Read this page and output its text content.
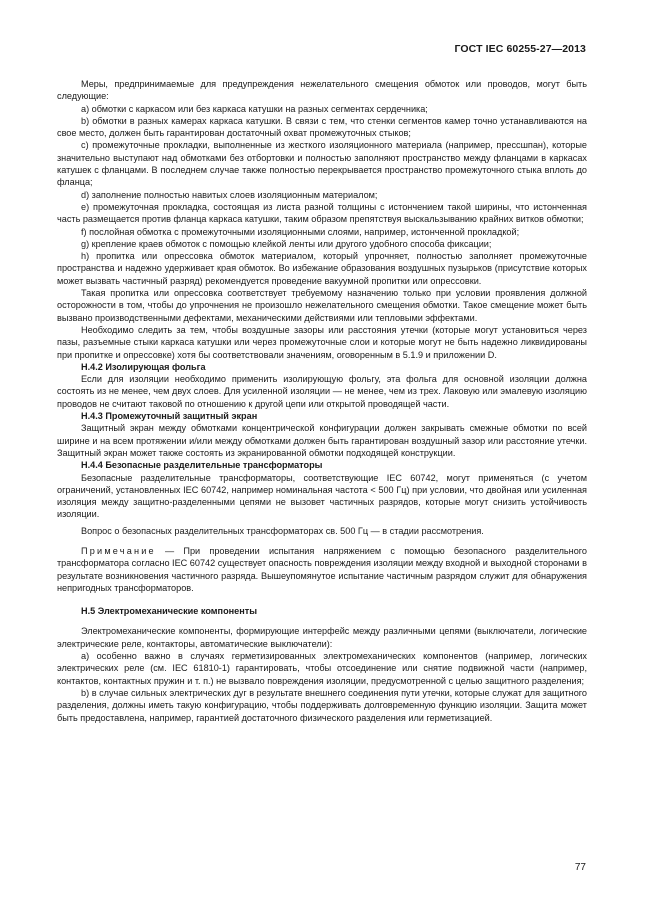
ГОСТ IEC 60255-27—2013

Меры, предпринимаемые для предупреждения нежелательного смещения обмоток или проводов, могут быть следующие:

а) обмотки с каркасом или без каркаса катушки на разных сегментах сердечника;

b) обмотки в разных камерах каркаса катушки. В связи с тем, что стенки сегментов камер точно устанавливаются на свое место, должен быть гарантирован достаточный охват промежуточных стыков;

с) промежуточные прокладки, выполненные из жесткого изоляционного материала (например, прессшпан), которые значительно выступают над обмотками без отбортовки и полностью заполняют пространство между фланцами в каркасах катушек с фланцами. В последнем случае также полностью перекрывается пространство промежуточного стыка вплоть до фланца;

d) заполнение полностью навитых слоев изоляционным материалом;

е) промежуточная прокладка, состоящая из листа разной толщины с истончением такой ширины, что истонченная часть размещается против фланца каркаса катушки, таким образом препятствуя выскальзыванию крайних витков обмотки;

f) послойная обмотка с промежуточными изоляционными слоями, например, истонченной прокладкой;

g) крепление краев обмоток с помощью клейкой ленты или другого удобного способа фиксации;

h) пропитка или опрессовка обмоток материалом, который упрочняет, полностью заполняет промежуточные пространства и надежно удерживает края обмоток. Во избежание образования воздушных пузырьков (присутствие которых может вызвать частичный разряд) рекомендуется проведение вакуумной пропитки или опрессовки.

Такая пропитка или опрессовка соответствует требуемому назначению только при условии проявления должной осторожности в том, чтобы до упрочнения не произошло нежелательного смещения обмотки. Такое смещение может быть вызвано производственными дефектами, механическими действиями или тепловыми эффектами.

Необходимо следить за тем, чтобы воздушные зазоры или расстояния утечки (которые могут установиться через пазы, разъемные стыки каркаса катушки или через промежуточные слои и которые могут не быть надежно ликвидированы при пропитке и опрессовке) хотя бы соответствовали значениям, оговоренным в 5.1.9 и приложении D.

Н.4.2 Изолирующая фольга

Если для изоляции необходимо применить изолирующую фольгу, эта фольга для основной изоляции должна состоять из не менее, чем двух слоев. Для усиленной изоляции — не менее, чем из трех. Лаковую или эмалевую изоляцию проводов не считают таковой по отношению к другой цепи или открытой проводящей части.

Н.4.3 Промежуточный защитный экран

Защитный экран между обмотками концентрической конфигурации должен закрывать смежные обмотки по всей ширине и на всем протяжении и/или между обмотками должен быть гарантирован воздушный зазор или расстояние утечки. Защитный экран может также состоять из экранированной обмотки подходящей конструкции.

Н.4.4 Безопасные разделительные трансформаторы

Безопасные разделительные трансформаторы, соответствующие IEC 60742, могут применяться (с учетом ограничений, установленных IEC 60742, например номинальная частота < 500 Гц) при условии, что двойная или усиленная изоляция между защитно-разделенными цепями не вызовет частичных разрядов, которые могут снизить устойчивость изоляции.

Вопрос о безопасных разделительных трансформаторах св. 500 Гц — в стадии рассмотрения.

Примечание — При проведении испытания напряжением с помощью безопасного разделительного трансформатора согласно IEC 60742 существует опасность повреждения изоляции между входной и выходной сторонами в результате возникновения частичного разряда. Вышеупомянутое испытание частичным разрядом служит для обнаружения непригодных трансформаторов.

Н.5 Электромеханические компоненты

Электромеханические компоненты, формирующие интерфейс между различными цепями (выключатели, логические электрические реле, контакторы, автоматические выключатели):

а) особенно важно в случаях герметизированных электромеханических компонентов (например, логических электрических реле (см. IEC 61810-1) гарантировать, чтобы отсоединение или снятие подвижной части (например, контактов, контактных пружин и т. п.) не вызвало повреждения изоляции, предусмотренной с целью защитного разделения;

b) в случае сильных электрических дуг в результате внешнего соединения пути утечки, которые служат для защитного разделения, должны иметь такую конфигурацию, чтобы поддерживать долговременную функцию изоляции. Защита может быть предоставлена, например, гарантией достаточного физического разделения или герметизацией.

77
